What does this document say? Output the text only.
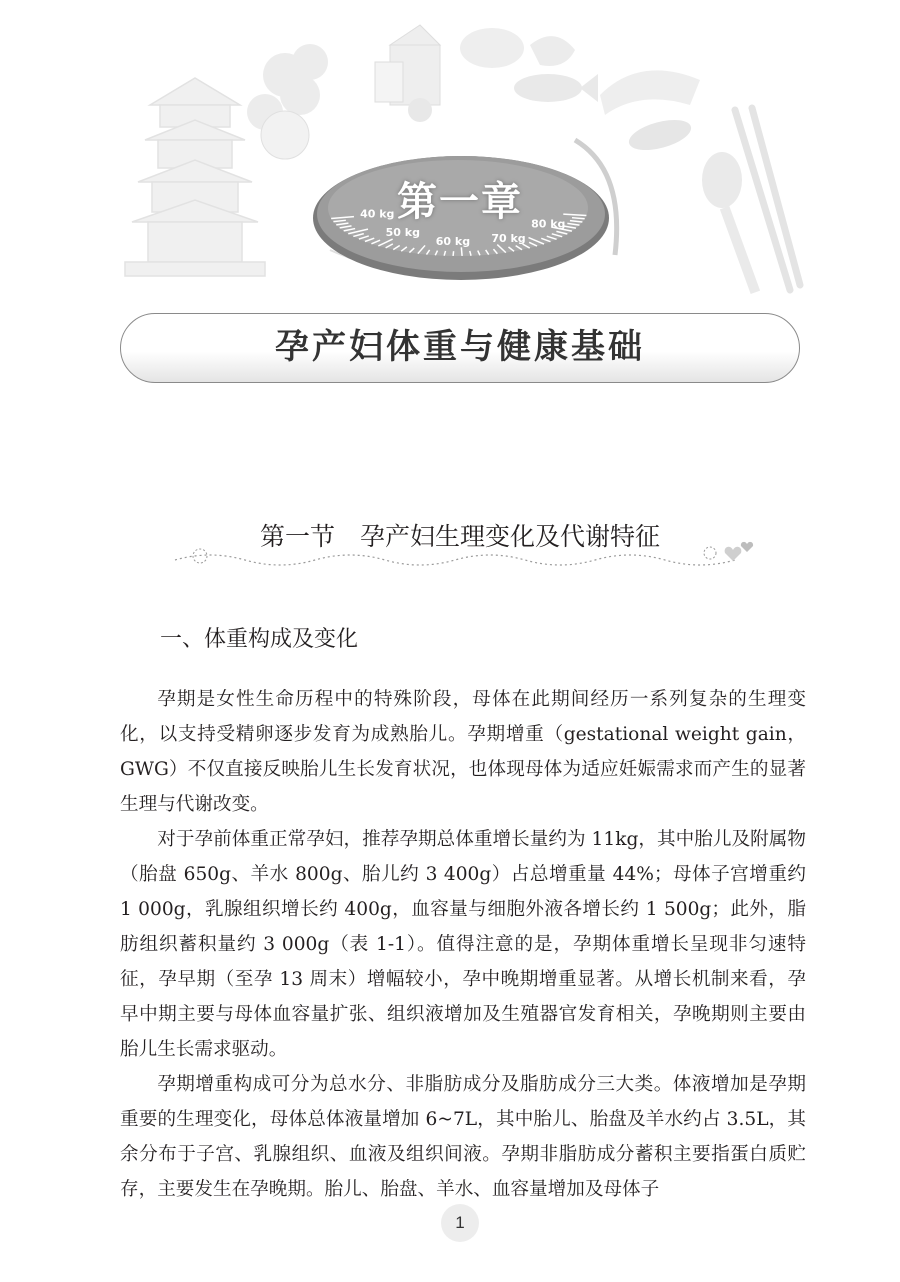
40 kg
50 kg
60 kg 70 kg
80 kg
第一章
孕产妇体重与健康基础
第一节　孕产妇生理变化及代谢特征
一、体重构成及变化

孕期是女性生命历程中的特殊阶段，母体在此期间经历一系列复杂的生理变化，以支持受精卵逐步发育为成熟胎儿。孕期增重（gestational weight gain，GWG）不仅直接反映胎儿生长发育状况，也体现母体为适应妊娠需求而产生的显著生理与代谢改变。

对于孕前体重正常孕妇，推荐孕期总体重增长量约为 11kg，其中胎儿及附属物（胎盘 650g、羊水 800g、胎儿约 3 400g）占总增重量 44%；母体子宫增重约 1 000g，乳腺组织增长约 400g，血容量与细胞外液各增长约 1 500g；此外，脂肪组织蓄积量约 3 000g（表 1-1）。值得注意的是，孕期体重增长呈现非匀速特征，孕早期（至孕 13 周末）增幅较小，孕中晚期增重显著。从增长机制来看，孕早中期主要与母体血容量扩张、组织液增加及生殖器官发育相关，孕晚期则主要由胎儿生长需求驱动。

孕期增重构成可分为总水分、非脂肪成分及脂肪成分三大类。体液增加是孕期重要的生理变化，母体总体液量增加 6~7L，其中胎儿、胎盘及羊水约占 3.5L，其余分布于子宫、乳腺组织、血液及组织间液。孕期非脂肪成分蓄积主要指蛋白质贮存，主要发生在孕晚期。胎儿、胎盘、羊水、血容量增加及母体子

1
